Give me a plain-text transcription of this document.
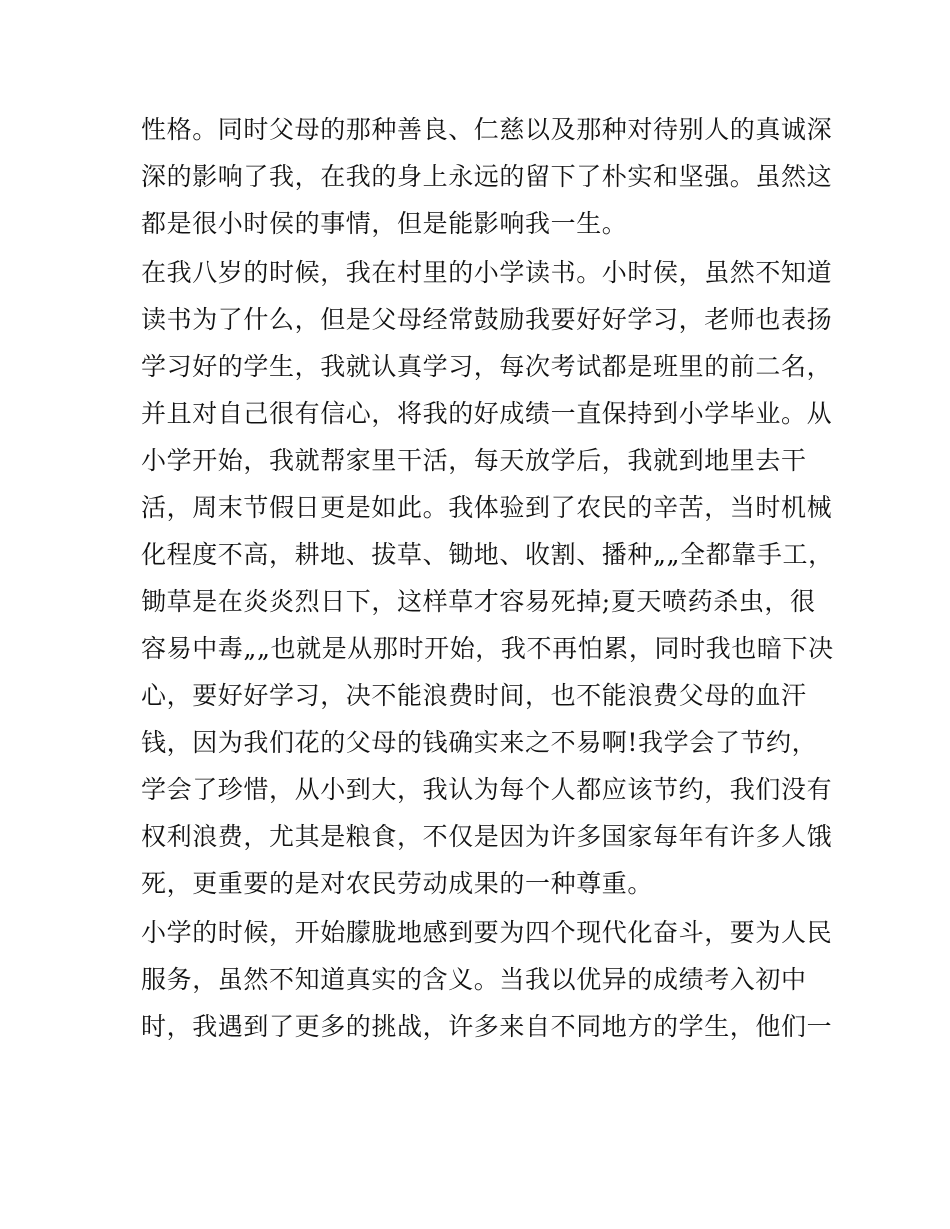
性格。同时父母的那种善良、仁慈以及那种对待别人的真诚深
深的影响了我，在我的身上永远的留下了朴实和坚强。虽然这
都是很小时侯的事情，但是能影响我一生。
在我八岁的时候，我在村里的小学读书。小时侯，虽然不知道
读书为了什么，但是父母经常鼓励我要好好学习，老师也表扬
学习好的学生，我就认真学习，每次考试都是班里的前二名，
并且对自己很有信心，将我的好成绩一直保持到小学毕业。从
小学开始，我就帮家里干活，每天放学后，我就到地里去干
活，周末节假日更是如此。我体验到了农民的辛苦，当时机械
化程度不高，耕地、拔草、锄地、收割、播种„„全都靠手工，
锄草是在炎炎烈日下，这样草才容易死掉;夏天喷药杀虫，很
容易中毒„„也就是从那时开始，我不再怕累，同时我也暗下决
心，要好好学习，决不能浪费时间，也不能浪费父母的血汗
钱，因为我们花的父母的钱确实来之不易啊!我学会了节约，
学会了珍惜，从小到大，我认为每个人都应该节约，我们没有
权利浪费，尤其是粮食，不仅是因为许多国家每年有许多人饿
死，更重要的是对农民劳动成果的一种尊重。
小学的时候，开始朦胧地感到要为四个现代化奋斗，要为人民
服务，虽然不知道真实的含义。当我以优异的成绩考入初中
时，我遇到了更多的挑战，许多来自不同地方的学生，他们一
